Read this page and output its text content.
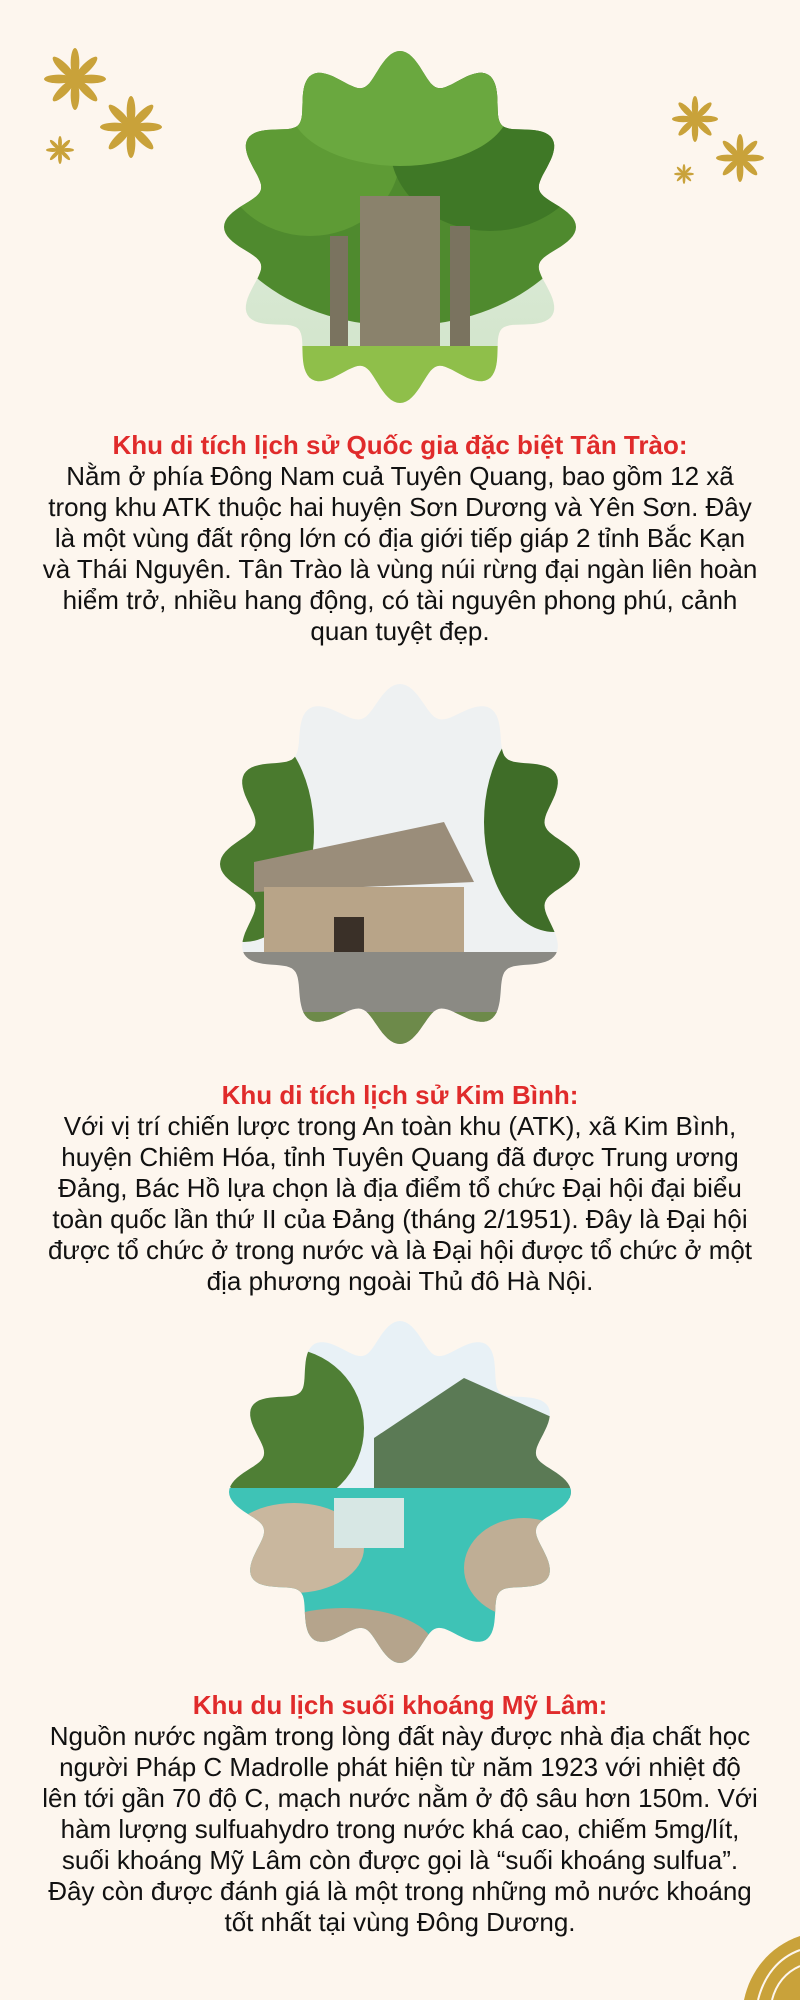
Khu di tích lịch sử Quốc gia đặc biệt Tân Trào:
Nằm ở phía Đông Nam cuả Tuyên Quang, bao gồm 12 xã trong khu ATK thuộc hai huyện Sơn Dương và Yên Sơn. Đây là một vùng đất rộng lớn có địa giới tiếp giáp 2 tỉnh Bắc Kạn và Thái Nguyên. Tân Trào là vùng núi rừng đại ngàn liên hoàn hiểm trở, nhiều hang động, có tài nguyên phong phú, cảnh quan tuyệt đẹp.
Khu di tích lịch sử Kim Bình:
Với vị trí chiến lược trong An toàn khu (ATK), xã Kim Bình, huyện Chiêm Hóa, tỉnh Tuyên Quang đã được Trung ương Đảng, Bác Hồ lựa chọn là địa điểm tổ chức Đại hội đại biểu toàn quốc lần thứ II của Đảng (tháng 2/1951). Đây là Đại hội được tổ chức ở trong nước và là Đại hội được tổ chức ở một địa phương ngoài Thủ đô Hà Nội.
Khu du lịch suối khoáng Mỹ Lâm:
Nguồn nước ngầm trong lòng đất này được nhà địa chất học người Pháp C Madrolle phát hiện từ năm 1923 với nhiệt độ lên tới gần 70 độ C, mạch nước nằm ở độ sâu hơn 150m. Với hàm lượng sulfuahydro trong nước khá cao, chiếm 5mg/lít, suối khoáng Mỹ Lâm còn được gọi là “suối khoáng sulfua”. Đây còn được đánh giá là một trong những mỏ nước khoáng tốt nhất tại vùng Đông Dương.
